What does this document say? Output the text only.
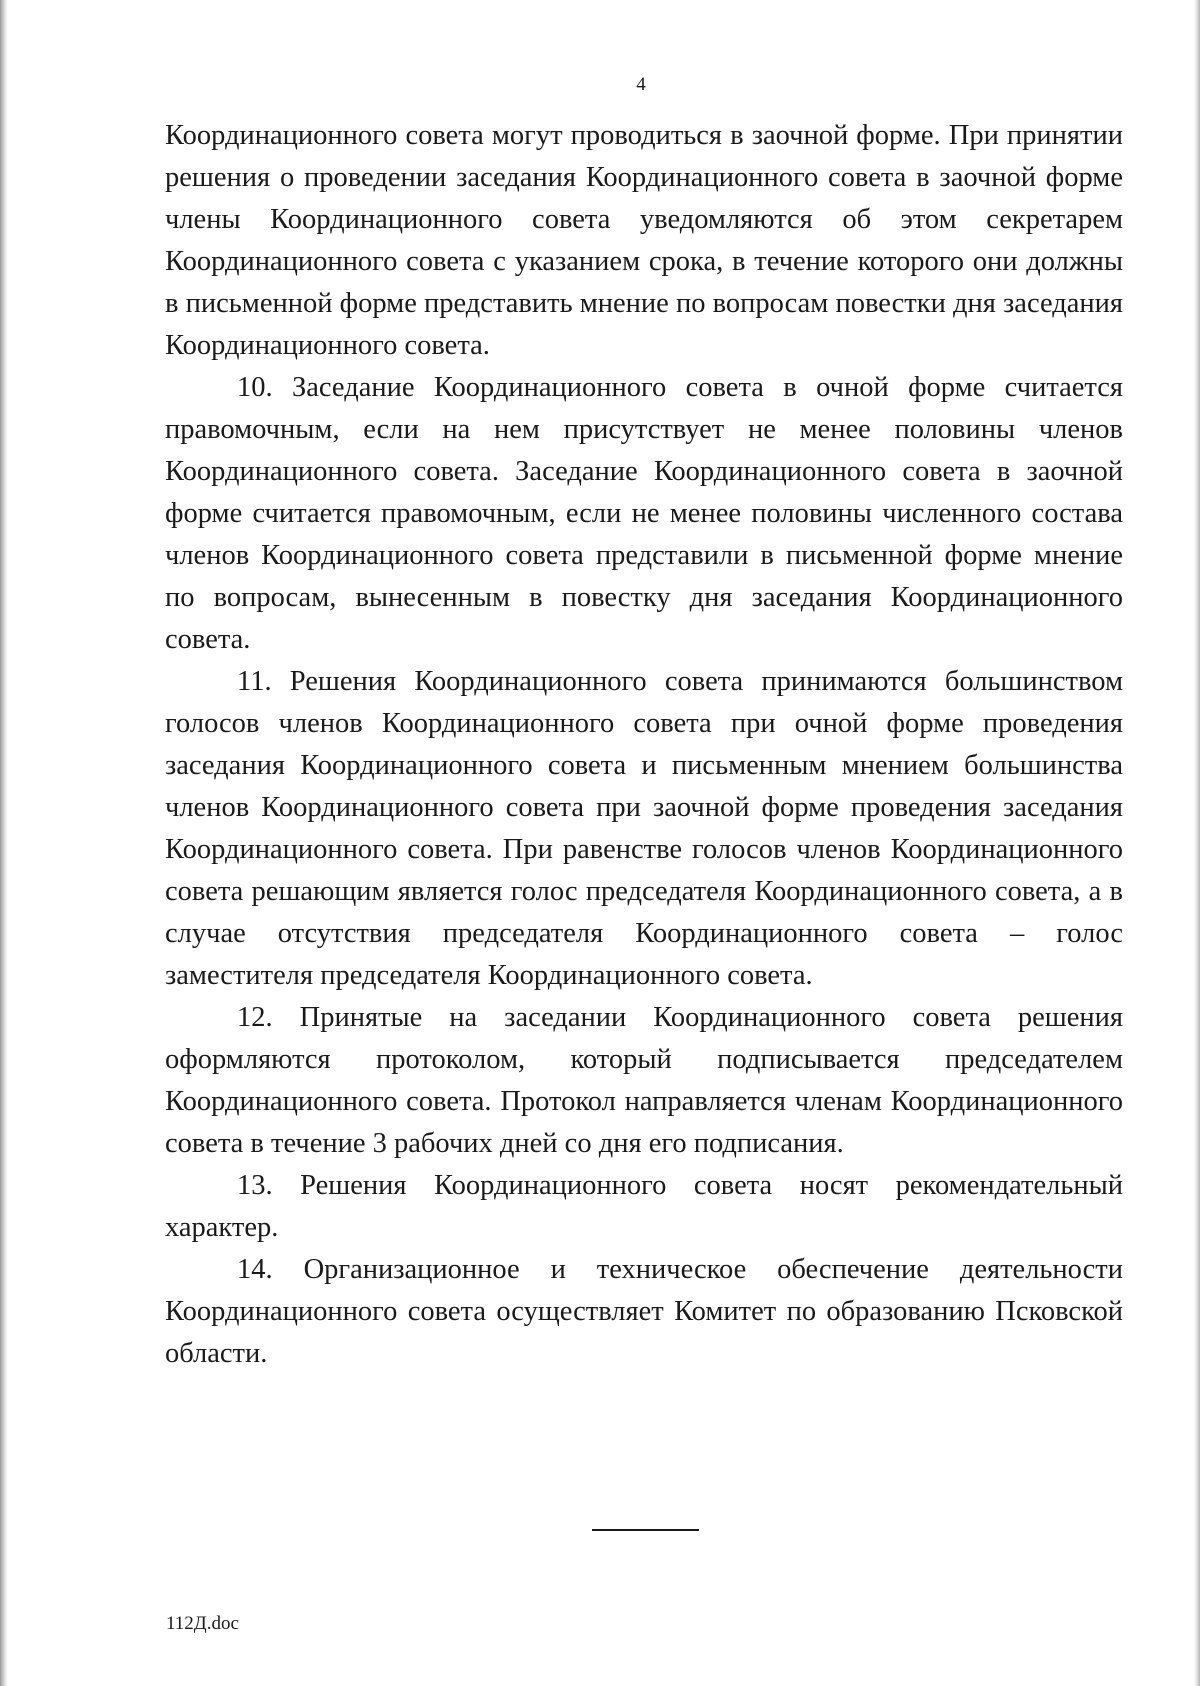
4

Координационного совета могут проводиться в заочной форме. При принятии решения о проведении заседания Координационного совета в заочной форме члены Координационного совета уведомляются об этом секретарем Координационного совета с указанием срока, в течение которого они должны в письменной форме представить мнение по вопросам повестки дня заседания Координационного совета.

10. Заседание Координационного совета в очной форме считается правомочным, если на нем присутствует не менее половины членов Координационного совета. Заседание Координационного совета в заочной форме считается правомочным, если не менее половины численного состава членов Координационного совета представили в письменной форме мнение по вопросам, вынесенным в повестку дня заседания Координационного совета.

11. Решения Координационного совета принимаются большинством голосов членов Координационного совета при очной форме проведения заседания Координационного совета и письменным мнением большинства членов Координационного совета при заочной форме проведения заседания Координационного совета. При равенстве голосов членов Координационного совета решающим является голос председателя Координационного совета, а в случае отсутствия председателя Координационного совета – голос заместителя председателя Координационного совета.

12. Принятые на заседании Координационного совета решения оформляются протоколом, который подписывается председателем Координационного совета. Протокол направляется членам Координационного совета в течение 3 рабочих дней со дня его подписания.

13. Решения Координационного совета носят рекомендательный характер.

14. Организационное и техническое обеспечение деятельности Координационного совета осуществляет Комитет по образованию Псковской области.

112Д.doc
